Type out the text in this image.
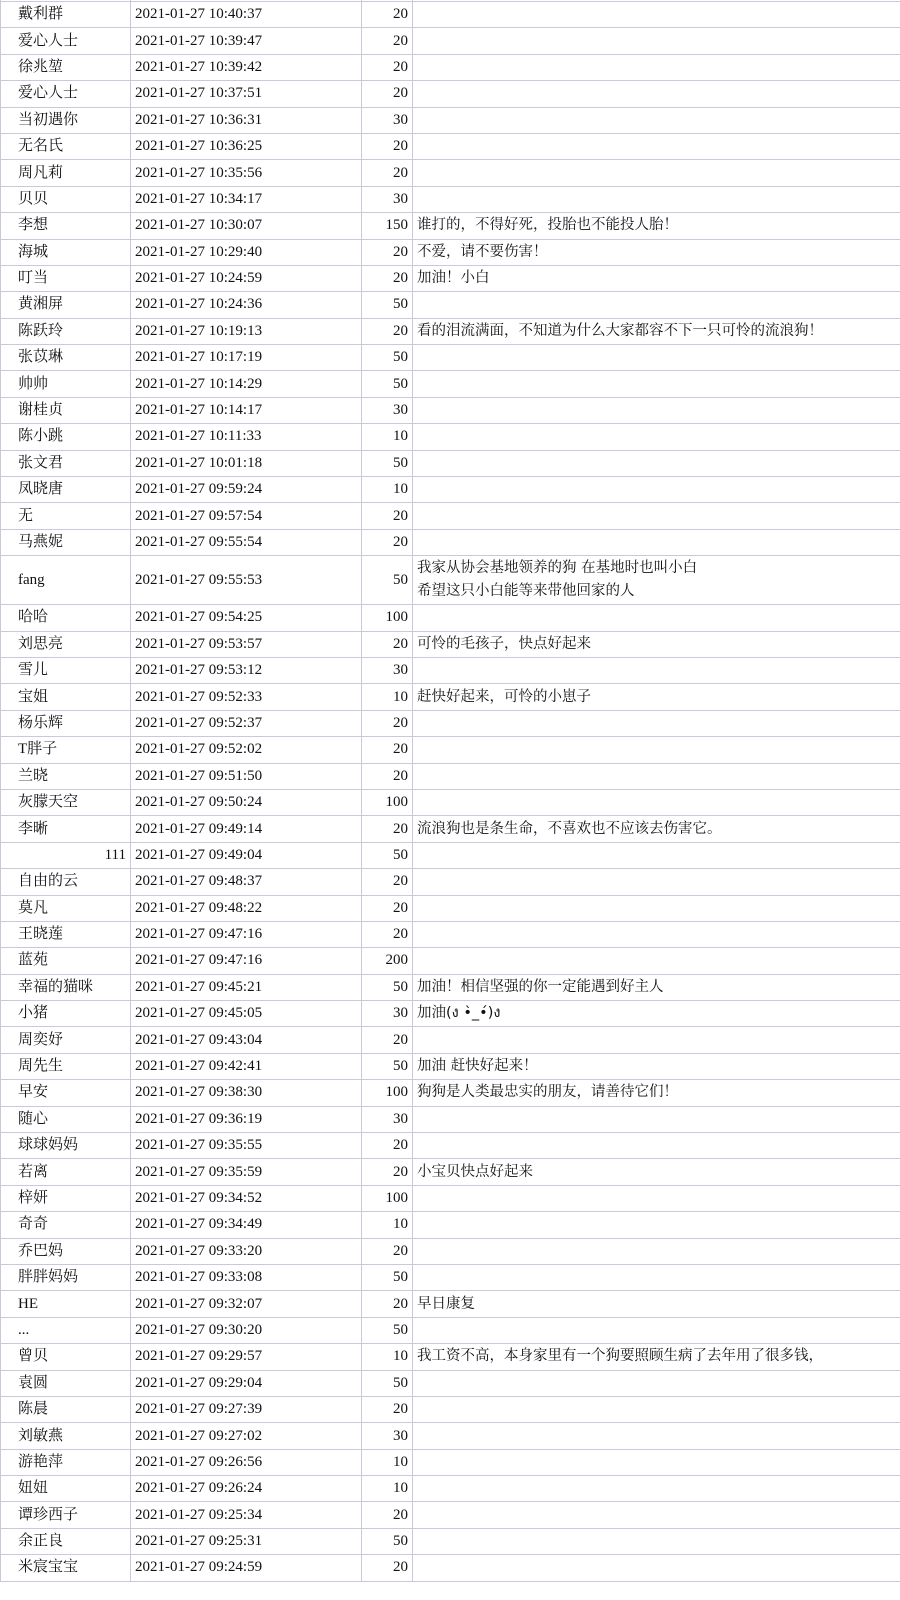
戴利群	2021-01-27 10:40:37	20	
爱心人士	2021-01-27 10:39:47	20	
徐兆堃	2021-01-27 10:39:42	20	
爱心人士	2021-01-27 10:37:51	20	
当初遇你	2021-01-27 10:36:31	30	
无名氏	2021-01-27 10:36:25	20	
周凡莉	2021-01-27 10:35:56	20	
贝贝	2021-01-27 10:34:17	30	
李想	2021-01-27 10:30:07	150	谁打的，不得好死，投胎也不能投人胎！
海城	2021-01-27 10:29:40	20	不爱，请不要伤害！
叮当	2021-01-27 10:24:59	20	加油！小白
黄湘屏	2021-01-27 10:24:36	50	
陈跃玲	2021-01-27 10:19:13	20	看的泪流满面，不知道为什么大家都容不下一只可怜的流浪狗！
张苡琳	2021-01-27 10:17:19	50	
帅帅	2021-01-27 10:14:29	50	
谢桂贞	2021-01-27 10:14:17	30	
陈小跳	2021-01-27 10:11:33	10	
张文君	2021-01-27 10:01:18	50	
凤晓唐	2021-01-27 09:59:24	10	
无	2021-01-27 09:57:54	20	
马燕妮	2021-01-27 09:55:54	20	
fang	2021-01-27 09:55:53	50	我家从协会基地领养的狗 在基地时也叫小白
希望这只小白能等来带他回家的人

哈哈	2021-01-27 09:54:25	100	
刘思亮	2021-01-27 09:53:57	20	可怜的毛孩子，快点好起来
雪儿	2021-01-27 09:53:12	30	
宝姐	2021-01-27 09:52:33	10	赶快好起来，可怜的小崽子
杨乐辉	2021-01-27 09:52:37	20	
T胖子	2021-01-27 09:52:02	20	
兰晓	2021-01-27 09:51:50	20	
灰朦天空	2021-01-27 09:50:24	100	
李晰	2021-01-27 09:49:14	20	流浪狗也是条生命，不喜欢也不应该去伤害它。
111	2021-01-27 09:49:04	50	
自由的云	2021-01-27 09:48:37	20	
莫凡	2021-01-27 09:48:22	20	
王晓莲	2021-01-27 09:47:16	20	
蓝苑	2021-01-27 09:47:16	200	
幸福的猫咪	2021-01-27 09:45:21	50	加油！相信坚强的你一定能遇到好主人
小猪	2021-01-27 09:45:05	30	加油(ง •̀_•́)ง
周奕妤	2021-01-27 09:43:04	20	
周先生	2021-01-27 09:42:41	50	加油 赶快好起来！
早安	2021-01-27 09:38:30	100	狗狗是人类最忠实的朋友，请善待它们！
随心	2021-01-27 09:36:19	30	
球球妈妈	2021-01-27 09:35:55	20	
若离	2021-01-27 09:35:59	20	小宝贝快点好起来
梓妍	2021-01-27 09:34:52	100	
奇奇	2021-01-27 09:34:49	10	
乔巴妈	2021-01-27 09:33:20	20	
胖胖妈妈	2021-01-27 09:33:08	50	
HE	2021-01-27 09:32:07	20	早日康复
...	2021-01-27 09:30:20	50	
曾贝	2021-01-27 09:29:57	10	我工资不高，本身家里有一个狗要照顾生病了去年用了很多钱，
袁圆	2021-01-27 09:29:04	50	
陈晨	2021-01-27 09:27:39	20	
刘敏燕	2021-01-27 09:27:02	30	
游艳萍	2021-01-27 09:26:56	10	
妞妞	2021-01-27 09:26:24	10	
谭珍西子	2021-01-27 09:25:34	20	
余正良	2021-01-27 09:25:31	50	
米宸宝宝	2021-01-27 09:24:59	20	
